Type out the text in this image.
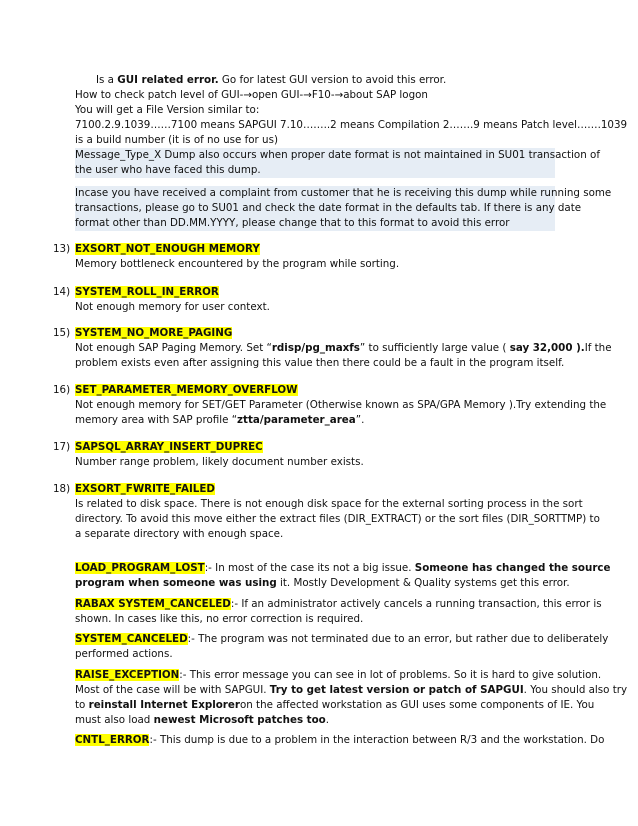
Is a GUI related error. Go for latest GUI version to avoid this error.
How to check patch level of GUI-→open GUI-→F10-→about SAP logon
You will get a File Version similar to:
7100.2.9.1039……7100 means SAPGUI 7.10……..2 means Compilation 2…….9 means Patch level…….1039
is a build number (it is of no use for us)
Message_Type_X Dump also occurs when proper date format is not maintained in SU01 transaction of
the user who have faced this dump.
Incase you have received a complaint from customer that he is receiving this dump while running some
transactions, please go to SU01 and check the date format in the defaults tab. If there is any date
format other than DD.MM.YYYY, please change that to this format to avoid this error
13) EXSORT_NOT_ENOUGH MEMORY
Memory bottleneck encountered by the program while sorting.
14) SYSTEM_ROLL_IN_ERROR
Not enough memory for user context.
15) SYSTEM_NO_MORE_PAGING
Not enough SAP Paging Memory. Set “rdisp/pg_maxfs” to sufficiently large value ( say 32,000 ).If the
problem exists even after assigning this value then there could be a fault in the program itself.
16) SET_PARAMETER_MEMORY_OVERFLOW
Not enough memory for SET/GET Parameter (Otherwise known as SPA/GPA Memory ).Try extending the
memory area with SAP profile “ztta/parameter_area”.
17) SAPSQL_ARRAY_INSERT_DUPREC
Number range problem, likely document number exists.
18) EXSORT_FWRITE_FAILED
Is related to disk space. There is not enough disk space for the external sorting process in the sort
directory. To avoid this move either the extract files (DIR_EXTRACT) or the sort files (DIR_SORTTMP) to
a separate directory with enough space.
LOAD_PROGRAM_LOST:- In most of the case its not a big issue. Someone has changed the source
program when someone was using it. Mostly Development & Quality systems get this error.
RABAX SYSTEM_CANCELED:- If an administrator actively cancels a running transaction, this error is
shown. In cases like this, no error correction is required.
SYSTEM_CANCELED:- The program was not terminated due to an error, but rather due to deliberately
performed actions.
RAISE_EXCEPTION:- This error message you can see in lot of problems. So it is hard to give solution.
Most of the case will be with SAPGUI. Try to get latest version or patch of SAPGUI. You should also try
to reinstall Internet Exploreron the affected workstation as GUI uses some components of IE. You
must also load newest Microsoft patches too.
CNTL_ERROR:- This dump is due to a problem in the interaction between R/3 and the workstation. Do
